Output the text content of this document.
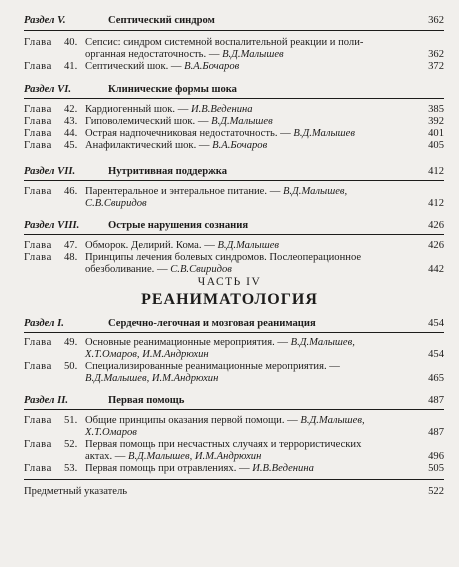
Раздел V.	Септический синдром	362
Глава 40. Сепсис: синдром системной воспалительной реакции и поли-
органная недостаточность. — В.Д.Малышев	362
Глава 41. Септический шок. — В.А.Бочаров	372
Раздел VI.	Клинические формы шока
Глава 42. Кардиогенный шок. — И.В.Веденина	385
Глава 43. Гиповолемический шок. — В.Д.Малышев	392
Глава 44. Острая надпочечниковая недостаточность. — В.Д.Малышев	401
Глава 45. Анафилактический шок. — В.А.Бочаров	405
Раздел VII.	Нутритивная поддержка	412
Глава 46. Парентеральное и энтеральное питание. — В.Д.Малышев,
С.В.Свиридов	412
Раздел VIII.	Острые нарушения сознания	426
Глава 47. Обморок. Делирий. Кома. — В.Д.Малышев	426
Глава 48. Принципы лечения болевых синдромов. Послеоперационное
обезболивание. — С.В.Свиридов	442
ЧАСТЬ IV
РЕАНИМАТОЛОГИЯ
Раздел I.	Сердечно-легочная и мозговая реанимация	454
Глава 49. Основные реанимационные мероприятия. — В.Д.Малышев,
Х.Т.Омаров, И.М.Андрюхин	454
Глава 50. Специализированные реанимационные мероприятия. —
В.Д.Малышев, И.М.Андрюхин	465
Раздел II.	Первая помощь	487
Глава 51. Общие принципы оказания первой помощи. — В.Д.Малышев,
Х.Т.Омаров	487
Глава 52. Первая помощь при несчастных случаях и террористических
актах. — В.Д.Малышев, И.М.Андрюхин	496
Глава 53. Первая помощь при отравлениях. — И.В.Веденина	505
Предметный указатель	522
